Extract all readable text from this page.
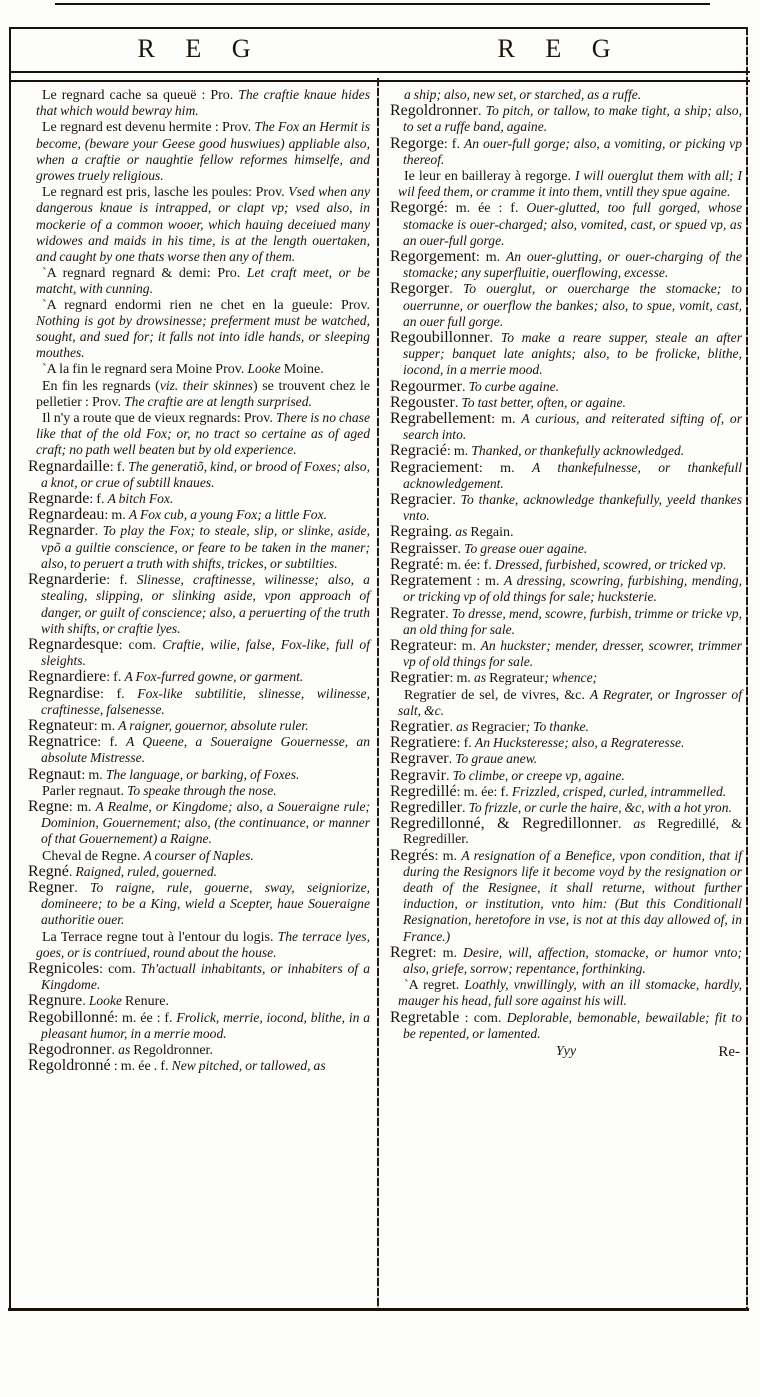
R E G	R E G

Le regnard cache sa queuë : Pro. The craftie knaue hides that which would bewray him.

Le regnard est devenu hermite : Prov. The Fox an Hermit is become, (beware your Geese good huswiues) appliable also, when a craftie or naughtie fellow reformes himselfe, and growes truely religious.

Le regnard est pris, lasche les poules: Prov. Vsed when any dangerous knaue is intrapped, or clapt vp; vsed also, in mockerie of a common wooer, which hauing deceiued many widowes and maids in his time, is at the length ouertaken, and caught by one thats worse then any of them.

`A regnard regnard & demi: Pro. Let craft meet, or be matcht, with cunning.

`A regnard endormi rien ne chet en la gueule: Prov. Nothing is got by drowsinesse; preferment must be watched, sought, and sued for; it falls not into idle hands, or sleeping mouthes.

`A la fin le regnard sera Moine Prov. Looke Moine.

En fin les regnards (viz. their skinnes) se trouvent chez le pelletier : Prov. The craftie are at length surprised.

Il n'y a route que de vieux regnards: Prov. There is no chase like that of the old Fox; or, no tract so certaine as of aged craft; no path well beaten but by old experience.

Regnardaille: f. The generatiõ, kind, or brood of Foxes; also, a knot, or crue of subtill knaues.

Regnarde: f. A bitch Fox.

Regnardeau: m. A Fox cub, a young Fox; a little Fox.

Regnarder. To play the Fox; to steale, slip, or slinke, aside, vpõ a guiltie conscience, or feare to be taken in the maner; also, to peruert a truth with shifts, trickes, or subtilties.

Regnarderie: f. Slinesse, craftinesse, wilinesse; also, a stealing, slipping, or slinking aside, vpon approach of danger, or guilt of conscience; also, a peruerting of the truth with shifts, or craftie lyes.

Regnardesque: com. Craftie, wilie, false, Fox-like, full of sleights.

Regnardiere: f. A Fox-furred gowne, or garment.

Regnardise: f. Fox-like subtilitie, slinesse, wilinesse, craftinesse, falsenesse.

Regnateur: m. A raigner, gouernor, absolute ruler.

Regnatrice: f. A Queene, a Soueraigne Gouernesse, an absolute Mistresse.

Regnaut: m. The language, or barking, of Foxes.

Parler regnaut. To speake through the nose.

Regne: m. A Realme, or Kingdome; also, a Soueraigne rule; Dominion, Gouernement; also, (the continuance, or manner of that Gouernement) a Raigne.

Cheval de Regne. A courser of Naples.

Regné. Raigned, ruled, gouerned.

Regner. To raigne, rule, gouerne, sway, seigniorize, domineere; to be a King, wield a Scepter, haue Soueraigne authoritie ouer.

La Terrace regne tout à l'entour du logis. The terrace lyes, goes, or is contriued, round about the house.

Regnicoles: com. Th'actuall inhabitants, or inhabiters of a Kingdome.

Regnure. Looke Renure.

Regobillonné: m. ée : f. Frolick, merrie, iocond, blithe, in a pleasant humor, in a merrie mood.

Regodronner. as Regoldronner.

Regoldronné : m. ée . f. New pitched, or tallowed, as

a ship; also, new set, or starched, as a ruffe.

Regoldronner. To pitch, or tallow, to make tight, a ship; also, to set a ruffe band, againe.

Regorge: f. An ouer-full gorge; also, a vomiting, or picking vp thereof.

Ie leur en bailleray à regorge. I will ouerglut them with all; I wil feed them, or cramme it into them, vntill they spue againe.

Regorgé: m. ée : f. Ouer-glutted, too full gorged, whose stomacke is ouer-charged; also, vomited, cast, or spued vp, as an ouer-full gorge.

Regorgement: m. An ouer-glutting, or ouer-charging of the stomacke; any superfluitie, ouerflowing, excesse.

Regorger. To ouerglut, or ouercharge the stomacke; to ouerrunne, or ouerflow the bankes; also, to spue, vomit, cast, an ouer full gorge.

Regoubillonner. To make a reare supper, steale an after supper; banquet late anights; also, to be frolicke, blithe, iocond, in a merrie mood.

Regourmer. To curbe againe.

Regouster. To tast better, often, or againe.

Regrabellement: m. A curious, and reiterated sifting of, or search into.

Regracié: m. Thanked, or thankefully acknowledged.

Regraciement: m. A thankefulnesse, or thankefull acknowledgement.

Regracier. To thanke, acknowledge thankefully, yeeld thankes vnto.

Regraing. as Regain.

Regraisser. To grease ouer againe.

Regraté: m. ée: f. Dressed, furbished, scowred, or tricked vp.

Regratement : m. A dressing, scowring, furbishing, mending, or tricking vp of old things for sale; hucksterie.

Regrater. To dresse, mend, scowre, furbish, trimme or tricke vp, an old thing for sale.

Regrateur: m. An huckster; mender, dresser, scowrer, trimmer vp of old things for sale.

Regratier: m. as Regrateur; whence;

Regratier de sel, de vivres, &c. A Regrater, or Ingrosser of salt, &c.

Regratier. as Regracier; To thanke.

Regratiere: f. An Hucksteresse; also, a Regrateresse.

Regraver. To graue anew.

Regravir. To climbe, or creepe vp, againe.

Regredillé: m. ée: f. Frizzled, crisped, curled, intrammelled.

Regrediller. To frizzle, or curle the haire, &c, with a hot yron.

Regredillonné, & Regredillonner. as Regredillé, & Regrediller.

Regrés: m. A resignation of a Benefice, vpon condition, that if during the Resignors life it become voyd by the resignation or death of the Resignee, it shall returne, without further induction, or institution, vnto him: (But this Conditionall Resignation, heretofore in vse, is not at this day allowed of, in France.)

Regret: m. Desire, will, affection, stomacke, or humor vnto; also, griefe, sorrow; repentance, forthinking.

`A regret. Loathly, vnwillingly, with an ill stomacke, hardly, mauger his head, full sore against his will.

Regretable : com. Deplorable, bemonable, bewailable; fit to be repented, or lamented.

Yyy	Re-
